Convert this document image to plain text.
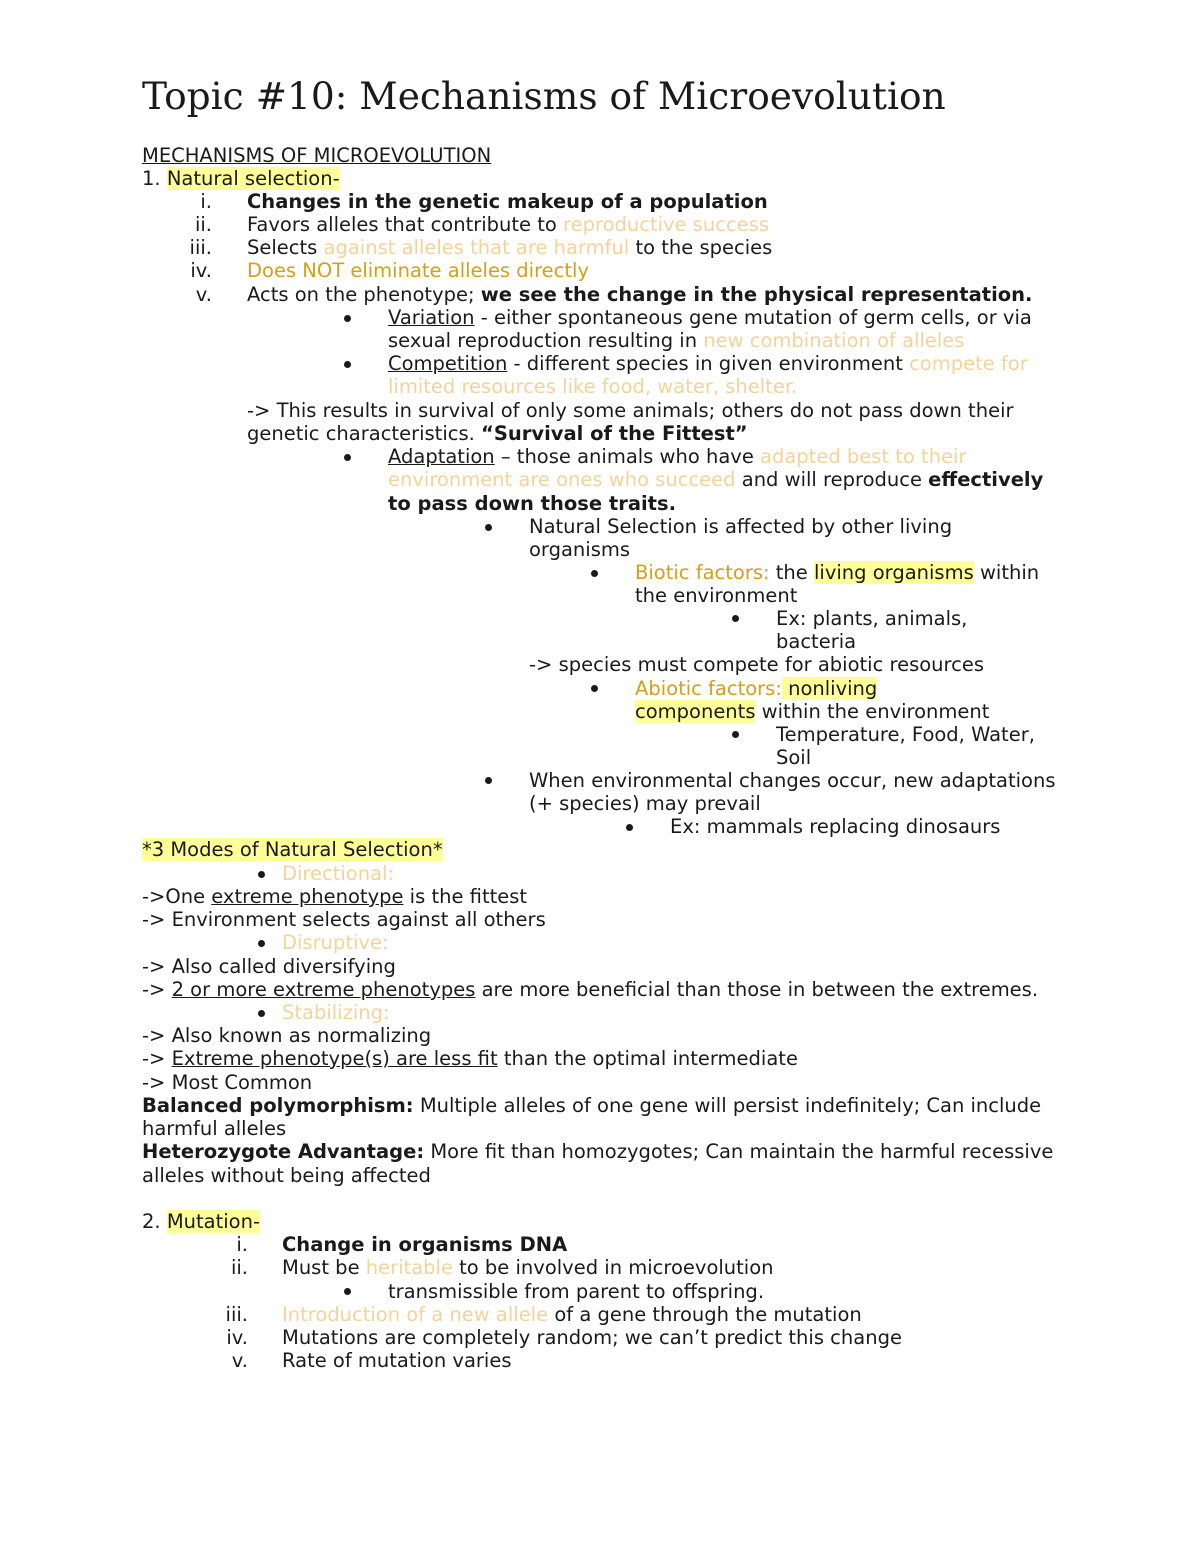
Topic #10: Mechanisms of Microevolution
MECHANISMS OF MICROEVOLUTION
1. Natural selection-
i. Changes in the genetic makeup of a population
ii. Favors alleles that contribute to reproductive success
iii. Selects against alleles that are harmful to the species
iv. Does NOT eliminate alleles directly
v. Acts on the phenotype; we see the change in the physical representation.
Variation - either spontaneous gene mutation of germ cells, or via
sexual reproduction resulting in new combination of alleles
Competition - different species in given environment compete for
limited resources like food, water, shelter.
-> This results in survival of only some animals; others do not pass down their
genetic characteristics. “Survival of the Fittest”
Adaptation – those animals who have adapted best to their
environment are ones who succeed and will reproduce effectively
to pass down those traits.
Natural Selection is affected by other living
organisms
Biotic factors: the living organisms within
the environment
Ex: plants, animals,
bacteria
-> species must compete for abiotic resources
Abiotic factors: nonliving
components within the environment
Temperature, Food, Water,
Soil
When environmental changes occur, new adaptations
(+ species) may prevail
Ex: mammals replacing dinosaurs
*3 Modes of Natural Selection*
Directional:
->One extreme phenotype is the fittest
-> Environment selects against all others
Disruptive:
-> Also called diversifying
-> 2 or more extreme phenotypes are more beneficial than those in between the extremes.
Stabilizing:
-> Also known as normalizing
-> Extreme phenotype(s) are less fit than the optimal intermediate
-> Most Common
Balanced polymorphism: Multiple alleles of one gene will persist indefinitely; Can include
harmful alleles
Heterozygote Advantage: More fit than homozygotes; Can maintain the harmful recessive
alleles without being affected
2. Mutation-
i. Change in organisms DNA
ii. Must be heritable to be involved in microevolution
transmissible from parent to offspring.
iii. Introduction of a new allele of a gene through the mutation
iv. Mutations are completely random; we can’t predict this change
v. Rate of mutation varies
